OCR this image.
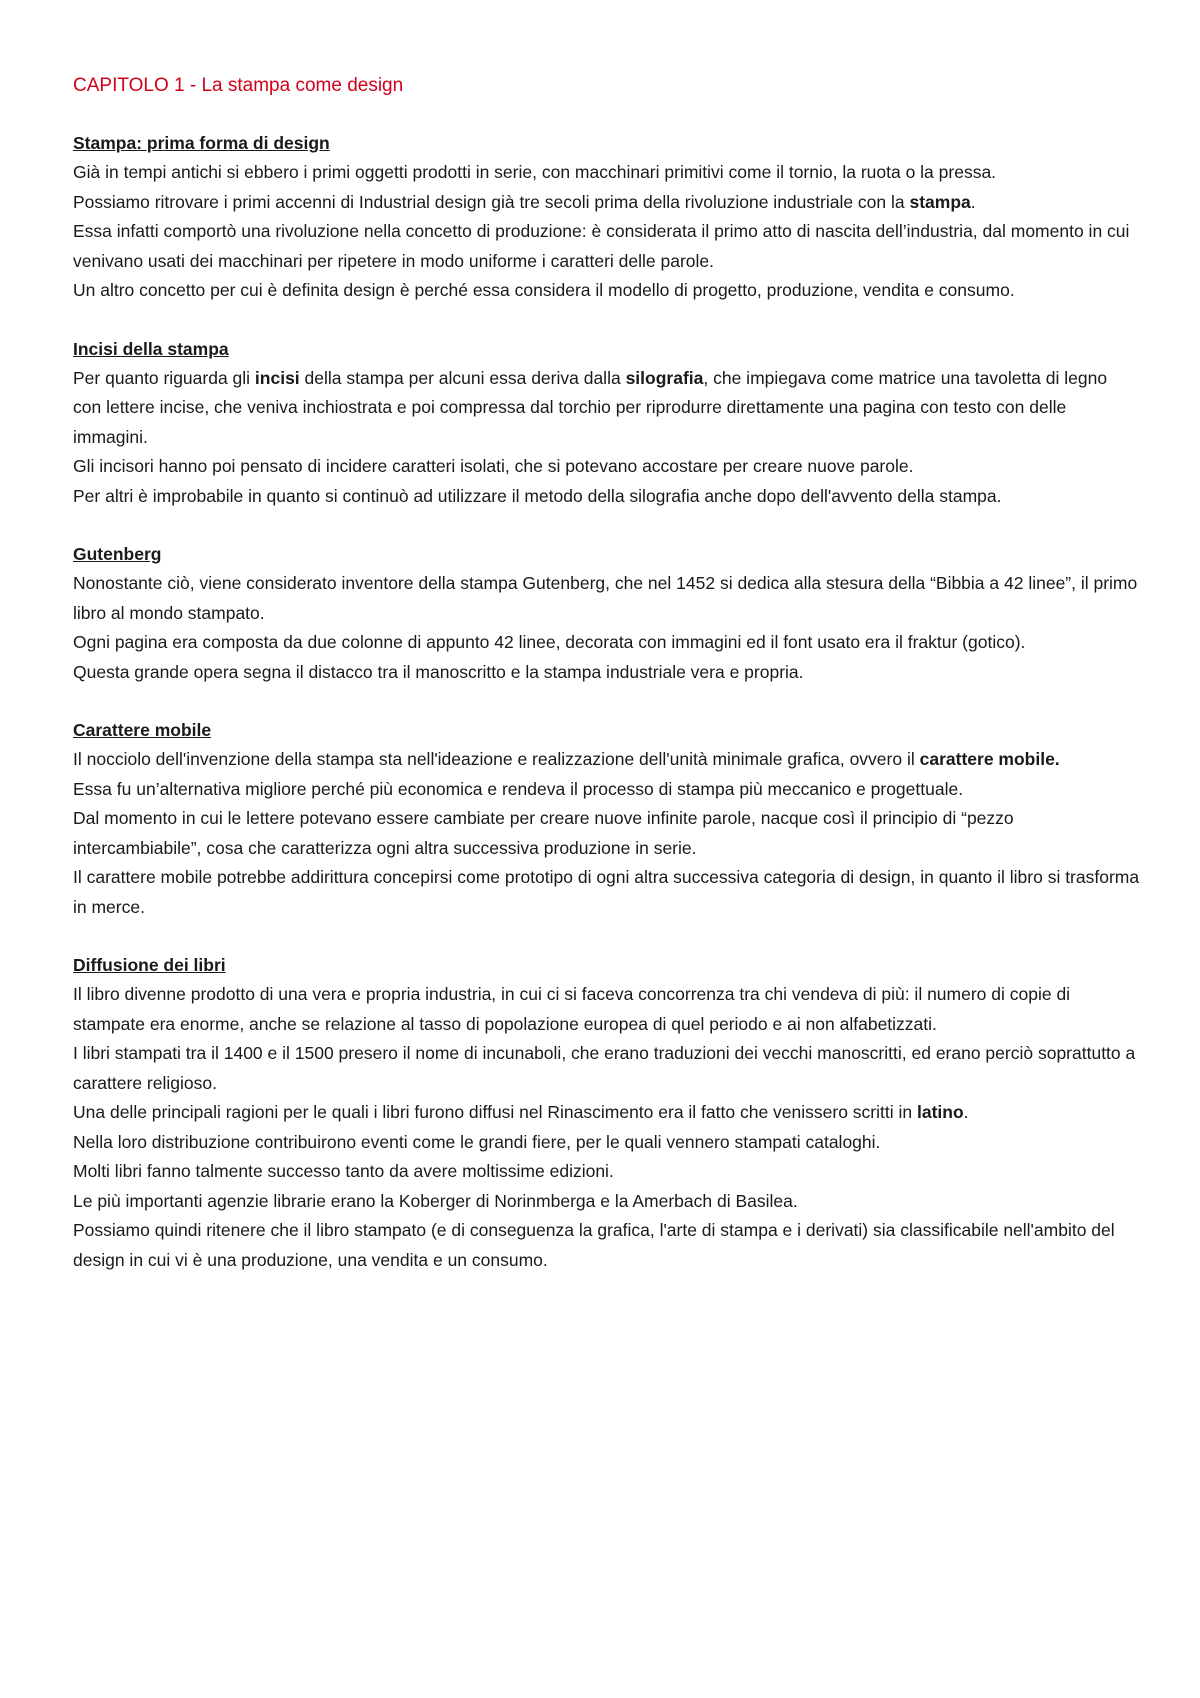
CAPITOLO 1 - La stampa come design

Stampa: prima forma di design

Già in tempi antichi si ebbero i primi oggetti prodotti in serie, con macchinari primitivi come il tornio, la ruota o la pressa.

Possiamo ritrovare i primi accenni di Industrial design già tre secoli prima della rivoluzione industriale con la stampa.

Essa infatti comportò una rivoluzione nella concetto di produzione: è considerata il primo atto di nascita dell’industria, dal momento in cui venivano usati dei macchinari per ripetere in modo uniforme i caratteri delle parole.

Un altro concetto per cui è definita design è perché essa considera il modello di progetto, produzione, vendita e consumo.

Incisi della stampa

Per quanto riguarda gli incisi della stampa per alcuni essa deriva dalla silografia, che impiegava come matrice una tavoletta di legno con lettere incise, che veniva inchiostrata e poi compressa dal torchio per riprodurre direttamente una pagina con testo con delle immagini.

Gli incisori hanno poi pensato di incidere caratteri isolati, che si potevano accostare per creare nuove parole.

Per altri è improbabile in quanto si continuò ad utilizzare il metodo della silografia anche dopo dell'avvento della stampa.

Gutenberg

Nonostante ciò, viene considerato inventore della stampa Gutenberg, che nel 1452 si dedica alla stesura della “Bibbia a 42 linee”, il primo libro al mondo stampato.

Ogni pagina era composta da due colonne di appunto 42 linee, decorata con immagini ed il font usato era il fraktur (gotico).

Questa grande opera segna il distacco tra il manoscritto e la stampa industriale vera e propria.

Carattere mobile

Il nocciolo dell'invenzione della stampa sta nell'ideazione e realizzazione dell'unità minimale grafica, ovvero il carattere mobile.

Essa fu un’alternativa migliore perché più economica e rendeva il processo di stampa più meccanico e progettuale.

Dal momento in cui le lettere potevano essere cambiate per creare nuove infinite parole, nacque così il principio di “pezzo intercambiabile”, cosa che caratterizza ogni altra successiva produzione in serie.

Il carattere mobile potrebbe addirittura concepirsi come prototipo di ogni altra successiva categoria di design, in quanto il libro si trasforma in merce.

Diffusione dei libri

Il libro divenne prodotto di una vera e propria industria, in cui ci si faceva concorrenza tra chi vendeva di più: il numero di copie di stampate era enorme, anche se relazione al tasso di popolazione europea di quel periodo e ai non alfabetizzati.

I libri stampati tra il 1400 e il 1500 presero il nome di incunaboli, che erano traduzioni dei vecchi manoscritti, ed erano perciò soprattutto a carattere religioso.

Una delle principali ragioni per le quali i libri furono diffusi nel Rinascimento era il fatto che venissero scritti in latino.

Nella loro distribuzione contribuirono eventi come le grandi fiere, per le quali vennero stampati cataloghi.

Molti libri fanno talmente successo tanto da avere moltissime edizioni.

Le più importanti agenzie librarie erano la Koberger di Norinmberga e la Amerbach di Basilea.

Possiamo quindi ritenere che il libro stampato (e di conseguenza la grafica, l'arte di stampa e i derivati) sia classificabile nell'ambito del design in cui vi è una produzione, una vendita e un consumo.
